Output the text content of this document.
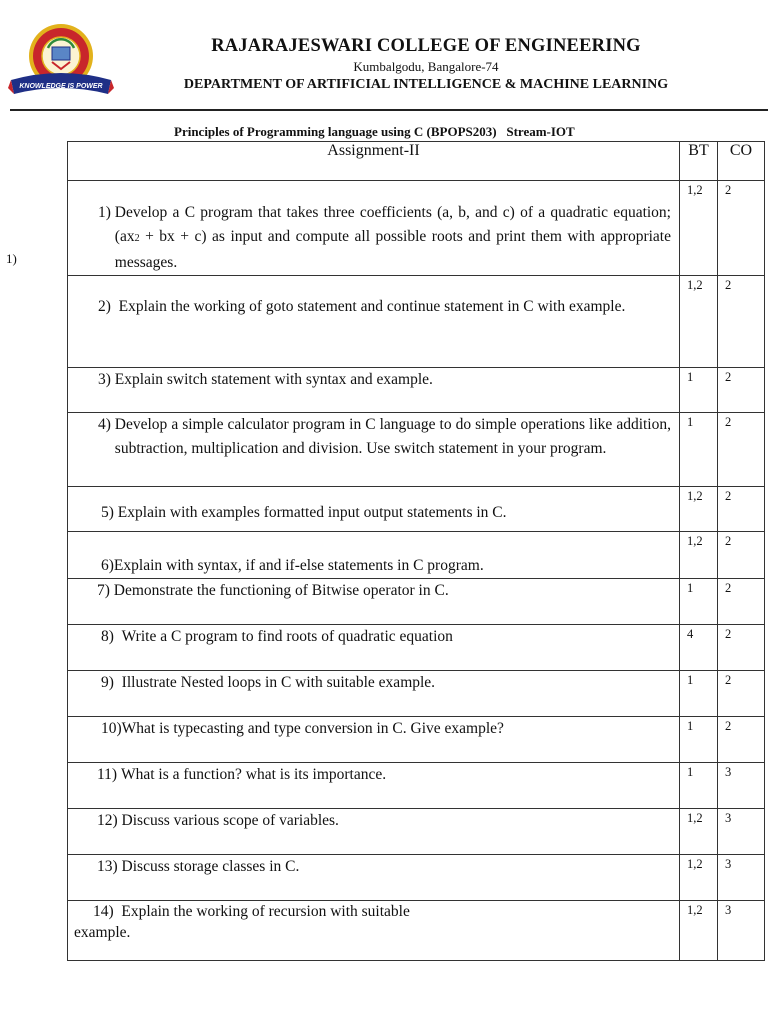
KNOWLEDGE IS POWER
RAJARAJESWARI COLLEGE OF ENGINEERING
Kumbalgodu, Bangalore-74
DEPARTMENT OF ARTIFICIAL INTELLIGENCE & MACHINE LEARNING
Principles of Programming language using C (BPOPS203)   Stream-IOT
1)
Assignment-II	BT	CO

1)
Develop a C program that takes three coefficients (a, b, and c) of a quadratic equation; (ax2 + bx + c) as input and compute all possible roots and print them with appropriate messages.	1,2	2

2)
Explain the working of goto statement and continue statement in C with example.	1,2	2

3)
Explain switch statement with syntax and example.	1	2

4)
Develop a simple calculator program in C language to do simple operations like addition, subtraction, multiplication and division. Use switch statement in your program.	1	2

5)
Explain with examples formatted input output statements in C.	1,2	2

6) Explain with syntax, if and if-else statements in C program.	1,2	2

7)
Demonstrate the functioning of Bitwise operator in C.	1	2

8)
Write a C program to find roots of quadratic equation	4	2

9)
Illustrate Nested loops in C with suitable example.	1	2

10) What is typecasting and type conversion in C. Give example?	1	2

11)
What is a function? what is its importance.	1	3

12)
Discuss various scope of variables.	1,2	3

13)
Discuss storage classes in C.	1,2	3

14) Explain the working of recursion with suitable
example.	1,2	3
